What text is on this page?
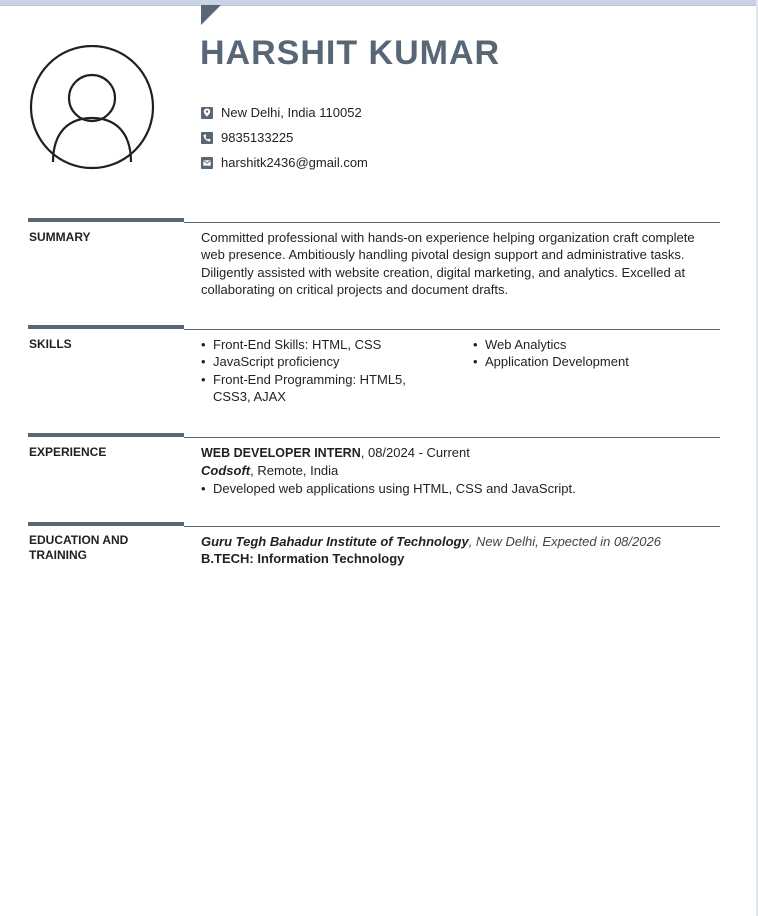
HARSHIT KUMAR
New Delhi, India 110052
9835133225
harshitk2436@gmail.com
SUMMARY	Committed professional with hands-on experience helping organization craft complete web presence. Ambitiously handling pivotal design support and administrative tasks. Diligently assisted with website creation, digital marketing, and analytics. Excelled at collaborating on critical projects and document drafts.
SKILLS
•	Front-End Skills: HTML, CSS
• JavaScript proficiency
• Front-End Programming: HTML5, CSS3, AJAX
• Web Analytics
• Application Development
EXPERIENCE	WEB DEVELOPER INTERN, 08/2024 - Current
Codsoft, Remote, India
• Developed web applications using HTML, CSS and JavaScript.
EDUCATION AND TRAINING
Guru Tegh Bahadur Institute of Technology, New Delhi, Expected in 08/2026
B.TECH: Information Technology
